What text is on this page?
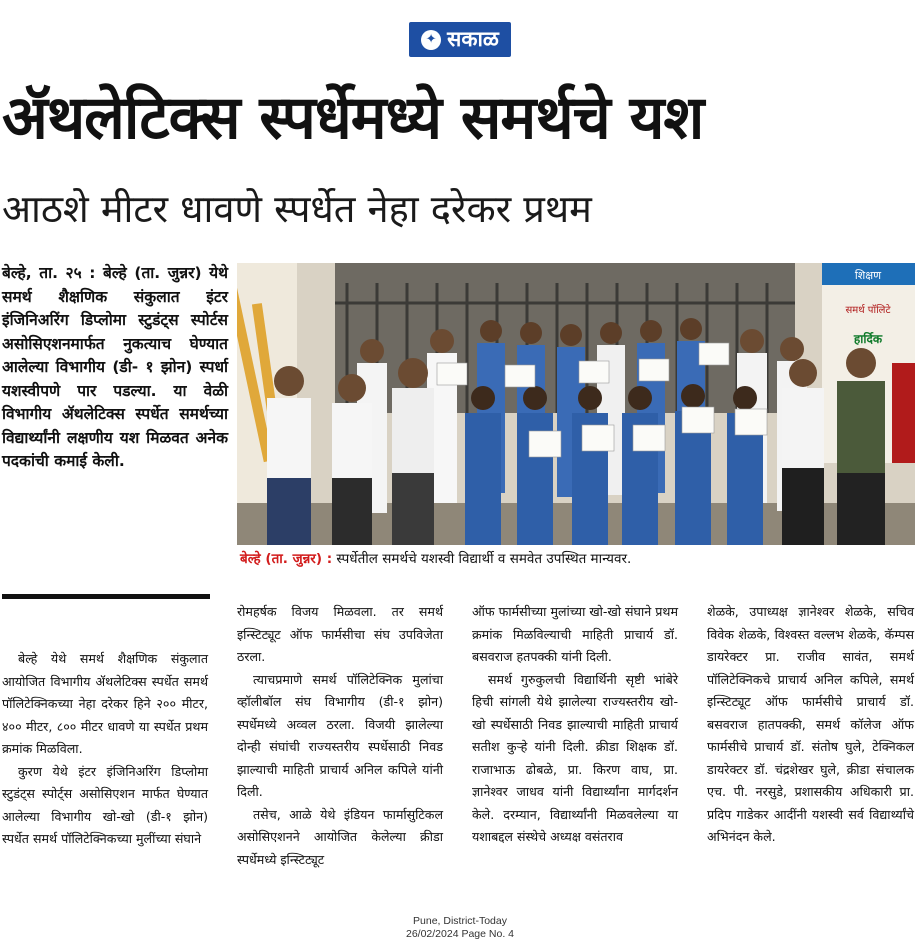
✦ सकाळ
ॲथलेटिक्स स्पर्धेमध्ये समर्थचे यश
आठशे मीटर धावणे स्पर्धेत नेहा दरेकर प्रथम

बेल्हे, ता. २५ : बेल्हे (ता. जुन्नर) येथे समर्थ शैक्षणिक संकुलात इंटर इंजिनिअरिंग डिप्लोमा स्टुडंट्स स्पोर्टस असोसिएशनमार्फत नुकत्याच घेण्यात आलेल्या विभागीय (डी- १ झोन) स्पर्धा यशस्वीपणे पार पडल्या. या वेळी विभागीय ॲथलेटिक्स स्पर्धेत समर्थच्या विद्यार्थ्यांनी लक्षणीय यश मिळवत अनेक पदकांची कमाई केली.

शिक्षण
समर्थ पॉलिटे
हार्दिक
बेल्हे (ता. जुन्नर) : स्पर्धेतील समर्थचे यशस्वी विद्यार्थी व समवेत उपस्थित मान्यवर.

बेल्हे येथे समर्थ शैक्षणिक संकुलात आयोजित विभागीय ॲथलेटिक्स स्पर्धेत समर्थ पॉलिटेक्निकच्या नेहा दरेकर हिने २०० मीटर, ४०० मीटर, ८०० मीटर धावणे या स्पर्धेत प्रथम क्रमांक मिळविला.

कुरण येथे इंटर इंजिनिअरिंग डिप्लोमा स्टुडंट्स स्पोर्ट्स असोसिएशन मार्फत घेण्यात आलेल्या विभागीय खो-खो (डी-१ झोन) स्पर्धेत समर्थ पॉलिटेक्निकच्या मुलींच्या संघाने

रोमहर्षक विजय मिळवला. तर समर्थ इन्स्टिट्यूट ऑफ फार्मसीचा संघ उपविजेता ठरला.

त्याचप्रमाणे समर्थ पॉलिटेक्निक मुलांचा व्हॉलीबॉल संघ विभागीय (डी-१ झोन) स्पर्धेमध्ये अव्वल ठरला. विजयी झालेल्या दोन्ही संघांची राज्यस्तरीय स्पर्धेसाठी निवड झाल्याची माहिती प्राचार्य अनिल कपिले यांनी दिली.

तसेच, आळे येथे इंडियन फार्मासुटिकल असोसिएशनने आयोजित केलेल्या क्रीडा स्पर्धेमध्ये इन्स्टिट्यूट

ऑफ फार्मसीच्या मुलांच्या खो-खो संघाने प्रथम क्रमांक मिळविल्याची माहिती प्राचार्य डॉ. बसवराज हतपक्की यांनी दिली.

समर्थ गुरुकुलची विद्यार्थिनी सृष्टी भांबेरे हिची सांगली येथे झालेल्या राज्यस्तरीय खो-खो स्पर्धेसाठी निवड झाल्याची माहिती प्राचार्य सतीश कुऱ्हे यांनी दिली. क्रीडा शिक्षक डॉ. राजाभाऊ ढोबळे, प्रा. किरण वाघ, प्रा. ज्ञानेश्वर जाधव यांनी विद्यार्थ्यांना मार्गदर्शन केले. दरम्यान, विद्यार्थ्यांनी मिळवलेल्या या यशाबद्दल संस्थेचे अध्यक्ष वसंतराव

शेळके, उपाध्यक्ष ज्ञानेश्वर शेळके, सचिव विवेक शेळके, विश्वस्त वल्लभ शेळके, कॅम्पस डायरेक्टर प्रा. राजीव सावंत, समर्थ पॉलिटेक्निकचे प्राचार्य अनिल कपिले, समर्थ इन्स्टिट्यूट ऑफ फार्मसीचे प्राचार्य डॉ. बसवराज हातपक्की, समर्थ कॉलेज ऑफ फार्मसीचे प्राचार्य डॉ. संतोष घुले, टेक्निकल डायरेक्टर डॉ. चंद्रशेखर घुले, क्रीडा संचालक एच. पी. नरसुडे, प्रशासकीय अधिकारी प्रा. प्रदिप गाडेकर आदींनी यशस्वी सर्व विद्यार्थ्यांचे अभिनंदन केले.

Pune, District-Today
26/02/2024 Page No. 4
